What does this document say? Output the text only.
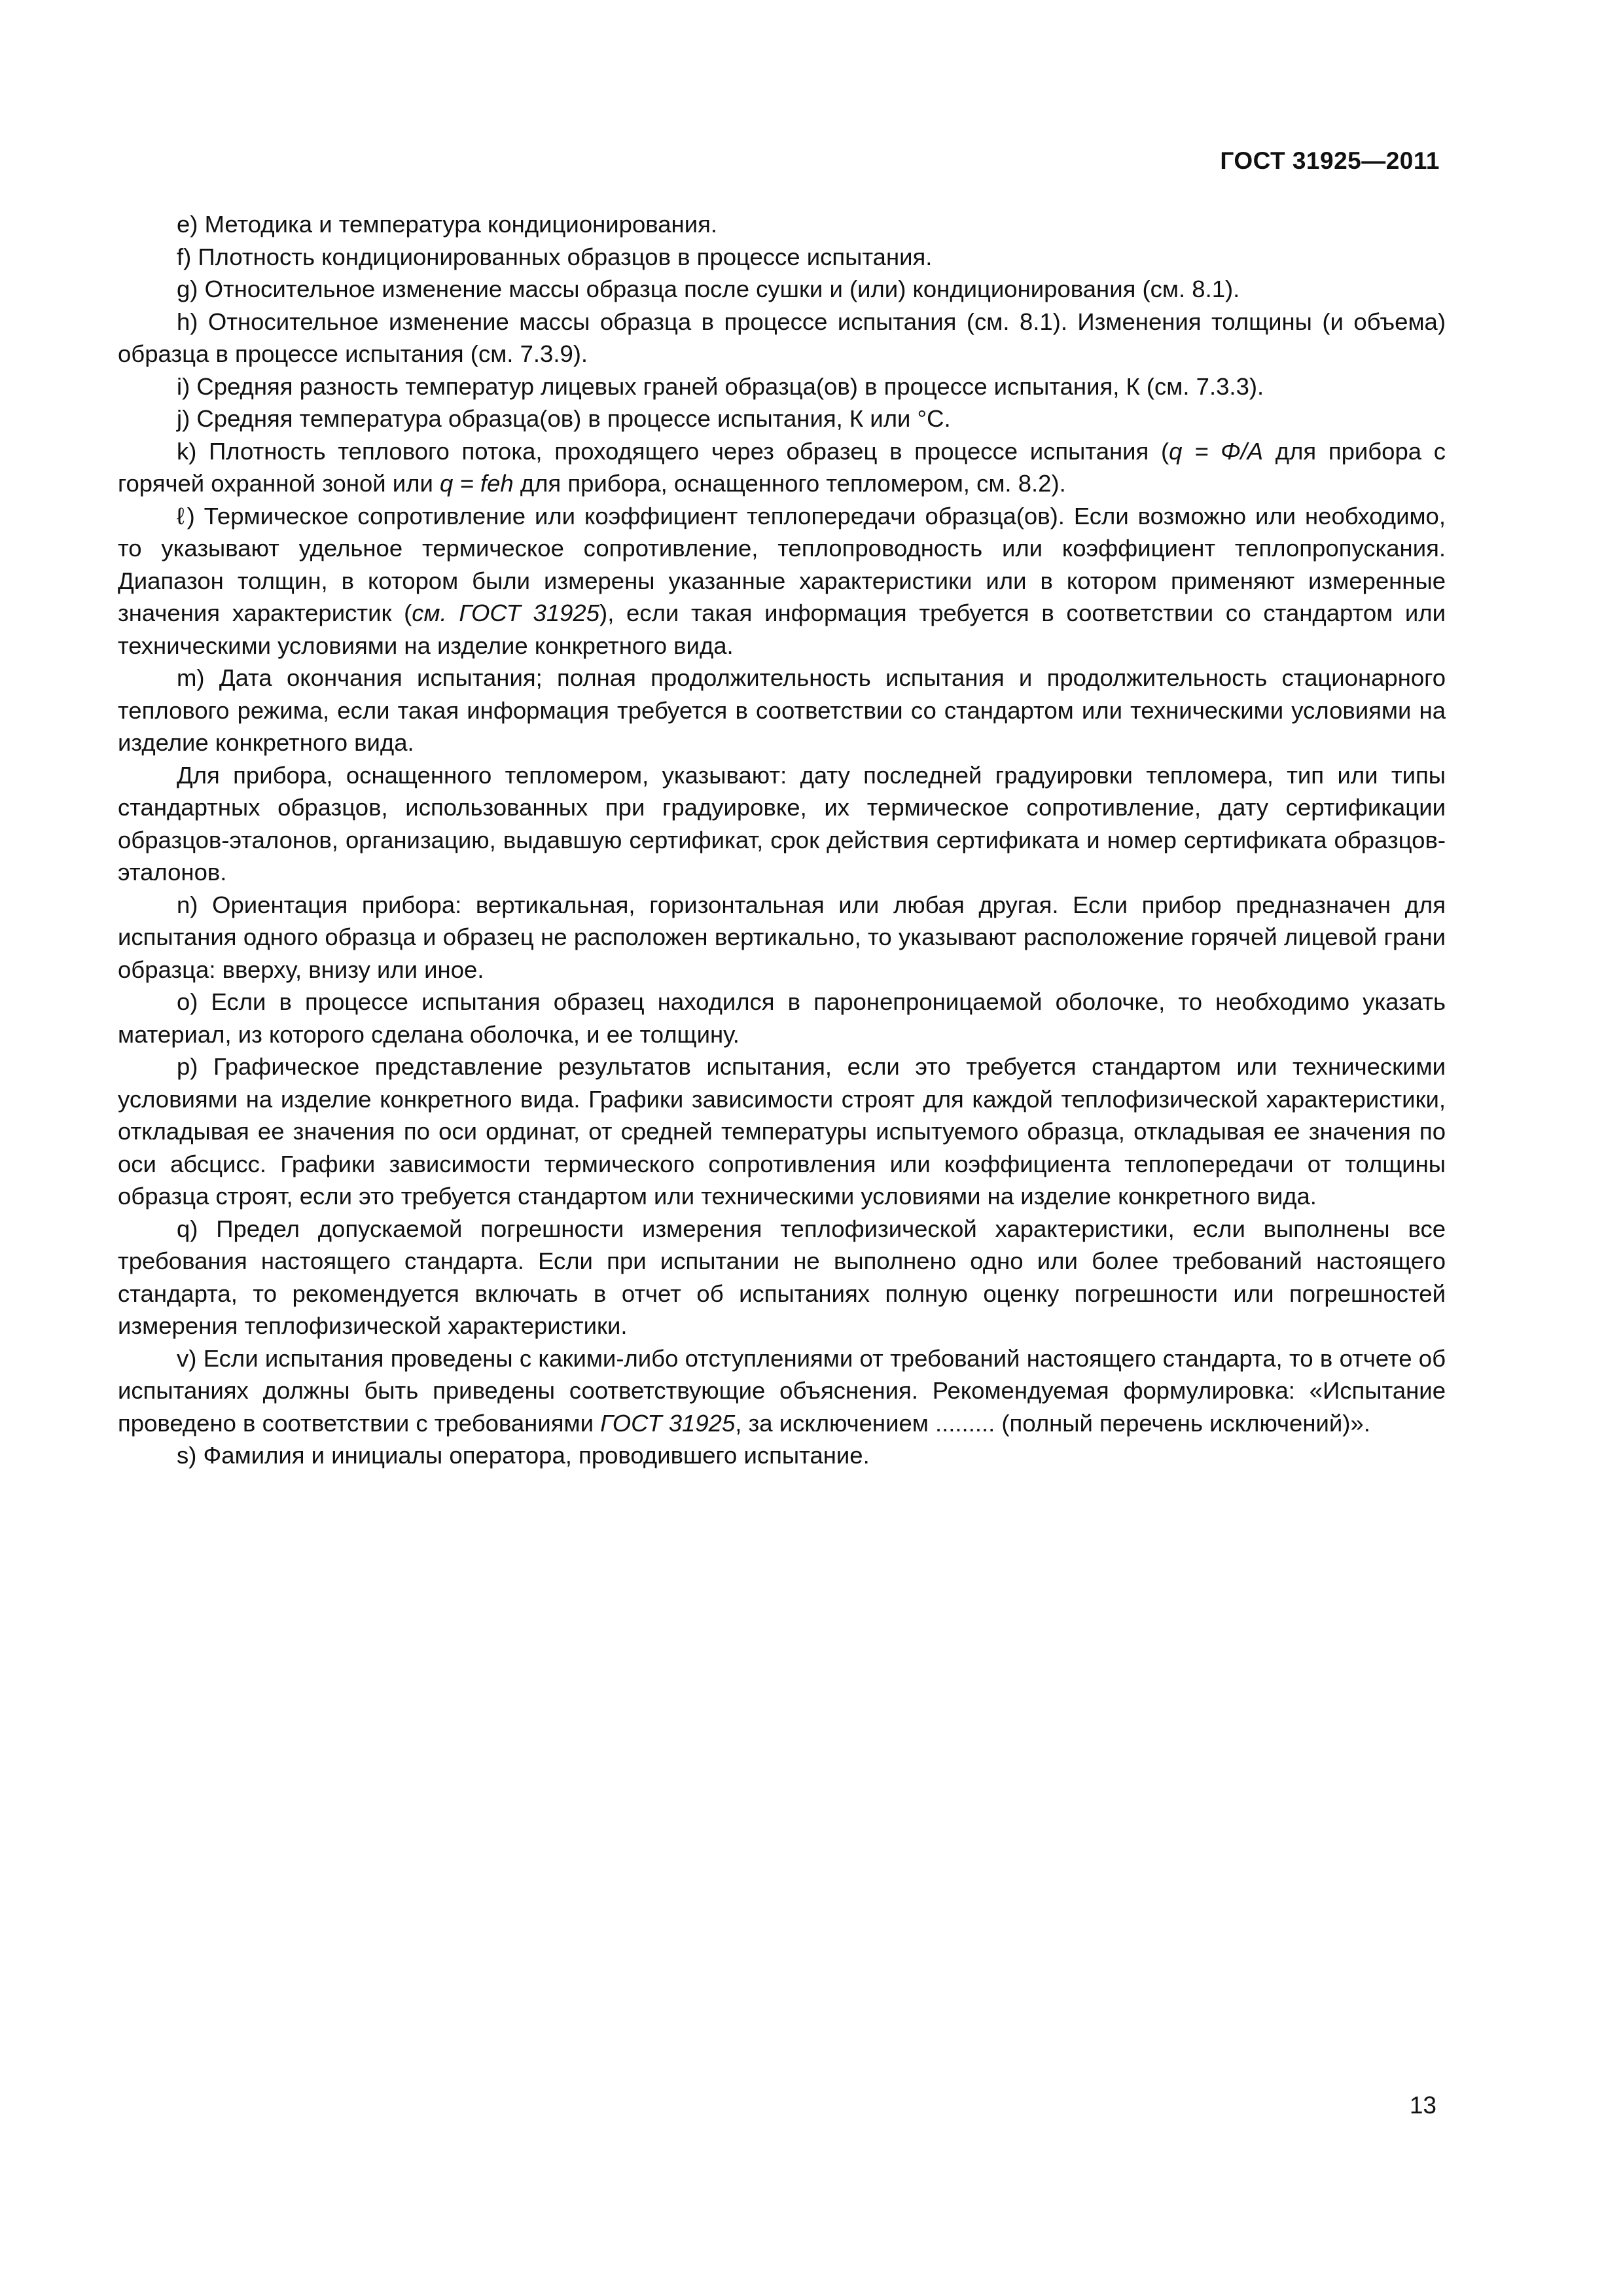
ГОСТ 31925—2011

e) Методика и температура кондиционирования.

f) Плотность кондиционированных образцов в процессе испытания.

g) Относительное изменение массы образца после сушки и (или) кондиционирования (см. 8.1).

h) Относительное изменение массы образца в процессе испытания (см. 8.1). Изменения толщины (и объема) образца в процессе испытания (см. 7.3.9).

i) Средняя разность температур лицевых граней образца(ов) в процессе испытания, К (см. 7.3.3).

j) Средняя температура образца(ов) в процессе испытания, К или °С.

k) Плотность теплового потока, проходящего через образец в процессе испытания (q = Φ/A для прибора с горячей охранной зоной или q = feh для прибора, оснащенного тепломером, см. 8.2).

ℓ) Термическое сопротивление или коэффициент теплопередачи образца(ов). Если возможно или необходимо, то указывают удельное термическое сопротивление, теплопроводность или коэффициент теплопропускания. Диапазон толщин, в котором были измерены указанные характеристики или в котором применяют измеренные значения характеристик (см. ГОСТ 31925), если такая информация требуется в соответствии со стандартом или техническими условиями на изделие конкретного вида.

m) Дата окончания испытания; полная продолжительность испытания и продолжительность стационарного теплового режима, если такая информация требуется в соответствии со стандартом или техническими условиями на изделие конкретного вида.

Для прибора, оснащенного тепломером, указывают: дату последней градуировки тепломера, тип или типы стандартных образцов, использованных при градуировке, их термическое сопротивление, дату сертификации образцов-эталонов, организацию, выдавшую сертификат, срок действия сертификата и номер сертификата образцов-эталонов.

n) Ориентация прибора: вертикальная, горизонтальная или любая другая. Если прибор предназначен для испытания одного образца и образец не расположен вертикально, то указывают расположение горячей лицевой грани образца: вверху, внизу или иное.

o) Если в процессе испытания образец находился в паронепроницаемой оболочке, то необходимо указать материал, из которого сделана оболочка, и ее толщину.

p) Графическое представление результатов испытания, если это требуется стандартом или техническими условиями на изделие конкретного вида. Графики зависимости строят для каждой теплофизической характеристики, откладывая ее значения по оси ординат, от средней температуры испытуемого образца, откладывая ее значения по оси абсцисс. Графики зависимости термического сопротивления или коэффициента теплопередачи от толщины образца строят, если это требуется стандартом или техническими условиями на изделие конкретного вида.

q) Предел допускаемой погрешности измерения теплофизической характеристики, если выполнены все требования настоящего стандарта. Если при испытании не выполнено одно или более требований настоящего стандарта, то рекомендуется включать в отчет об испытаниях полную оценку погрешности или погрешностей измерения теплофизической характеристики.

v) Если испытания проведены с какими-либо отступлениями от требований настоящего стандарта, то в отчете об испытаниях должны быть приведены соответствующие объяснения. Рекомендуемая формулировка: «Испытание проведено в соответствии с требованиями ГОСТ 31925, за исключением ......... (полный перечень исключений)».

s) Фамилия и инициалы оператора, проводившего испытание.

13
